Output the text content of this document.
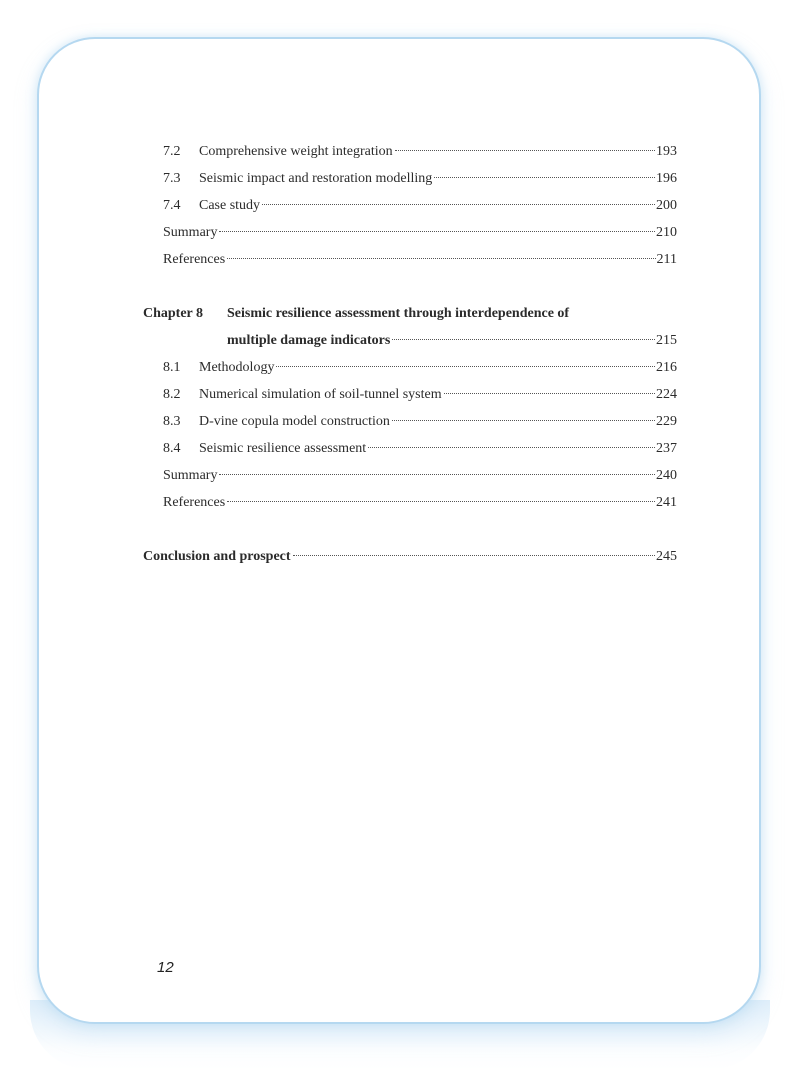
7.2	Comprehensive weight integration	193
7.3	Seismic impact and restoration modelling	196
7.4	Case study	200
Summary	210
References	211
Chapter 8	Seismic resilience assessment through interdependence of
multiple damage indicators	215
8.1	Methodology	216
8.2	Numerical simulation of soil-tunnel system	224
8.3	D-vine copula model construction	229
8.4	Seismic resilience assessment	237
Summary	240
References	241
Conclusion and prospect	245
12
